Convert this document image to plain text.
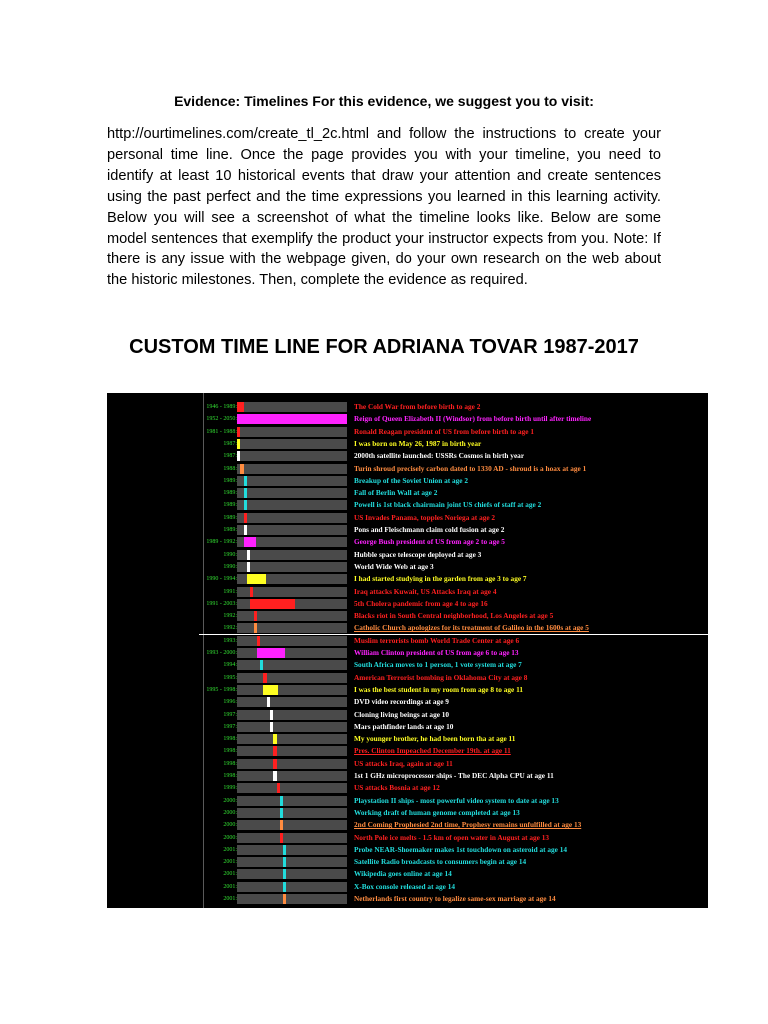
Evidence: Timelines For this evidence, we suggest you to visit:

http://ourtimelines.com/create_tl_2c.html and follow the instructions to create your personal time line. Once the page provides you with your timeline, you need to identify at least 10 historical events that draw your attention and create sentences using the past perfect and the time expressions you learned in this learning activity. Below you will see a screenshot of what the timeline looks like. Below are some model sentences that exemplify the product your instructor expects from you. Note: If there is any issue with the webpage given, do your own research on the web about the historic milestones. Then, complete the evidence as required.

CUSTOM TIME LINE FOR ADRIANA TOVAR 1987-2017

1946 - 1989:	The Cold War from before birth to age 2
1952 - 2050:	Reign of Queen Elizabeth II (Windsor) from before birth until after timeline
1981 - 1988:	Ronald Reagan president of US from before birth to age 1
1987:	I was born on May 26, 1987 in birth year
1987:	2000th satellite launched: USSRs Cosmos in birth year
1988:	Turin shroud precisely carbon dated to 1330 AD - shroud is a hoax at age 1
1989:	Breakup of the Soviet Union at age 2
1989:	Fall of Berlin Wall at age 2
1989:	Powell is 1st black chairmain joint US chiefs of staff at age 2
1989:	US Invades Panama, topples Noriega at age 2
1989:	Pons and Fleischmann claim cold fusion at age 2
1989 - 1992:	George Bush president of US from age 2 to age 5
1990:	Hubble space telescope deployed at age 3
1990:	World Wide Web at age 3
1990 - 1994:	I had started studying in the garden from age 3 to age 7
1991:	Iraq attacks Kuwait, US Attacks Iraq at age 4
1991 - 2003:	5th Cholera pandemic from age 4 to age 16
1992:	Blacks riot in South Central neighborhood, Los Angeles at age 5
1992:	Catholic Church apologizes for its treatment of Galileo in the 1600s at age 5
1993:	Muslim terrorists bomb World Trade Center at age 6
1993 - 2000:	William Clinton president of US from age 6 to age 13
1994:	South Africa moves to 1 person, 1 vote system at age 7
1995:	American Terrorist bombing in Oklahoma City at age 8
1995 - 1998:	I was the best student in my room from age 8 to age 11
1996:	DVD video recordings at age 9
1997:	Cloning living beings at age 10
1997:	Mars pathfinder lands at age 10
1998:	My younger brother, he had been born tha at age 11
1998:	Pres. Clinton Impeached December 19th. at age 11
1998:	US attacks Iraq, again at age 11
1998:	1st 1 GHz microprocessor ships - The DEC Alpha CPU at age 11
1999:	US attacks Bosnia at age 12
2000:	Playstation II ships - most powerful video system to date at age 13
2000:	Working draft of human genome completed at age 13
2000:	2nd Coming Prophesied 2nd time, Prophesy remains unfulfilled at age 13
2000:	North Pole ice melts - 1.5 km of open water in August at age 13
2001:	Probe NEAR-Shoemaker makes 1st touchdown on asteroid at age 14
2001:	Satellite Radio broadcasts to consumers begin at age 14
2001:	Wikipedia goes online at age 14
2001:	X-Box console released at age 14
2001:	Netherlands first country to legalize same-sex marriage at age 14
